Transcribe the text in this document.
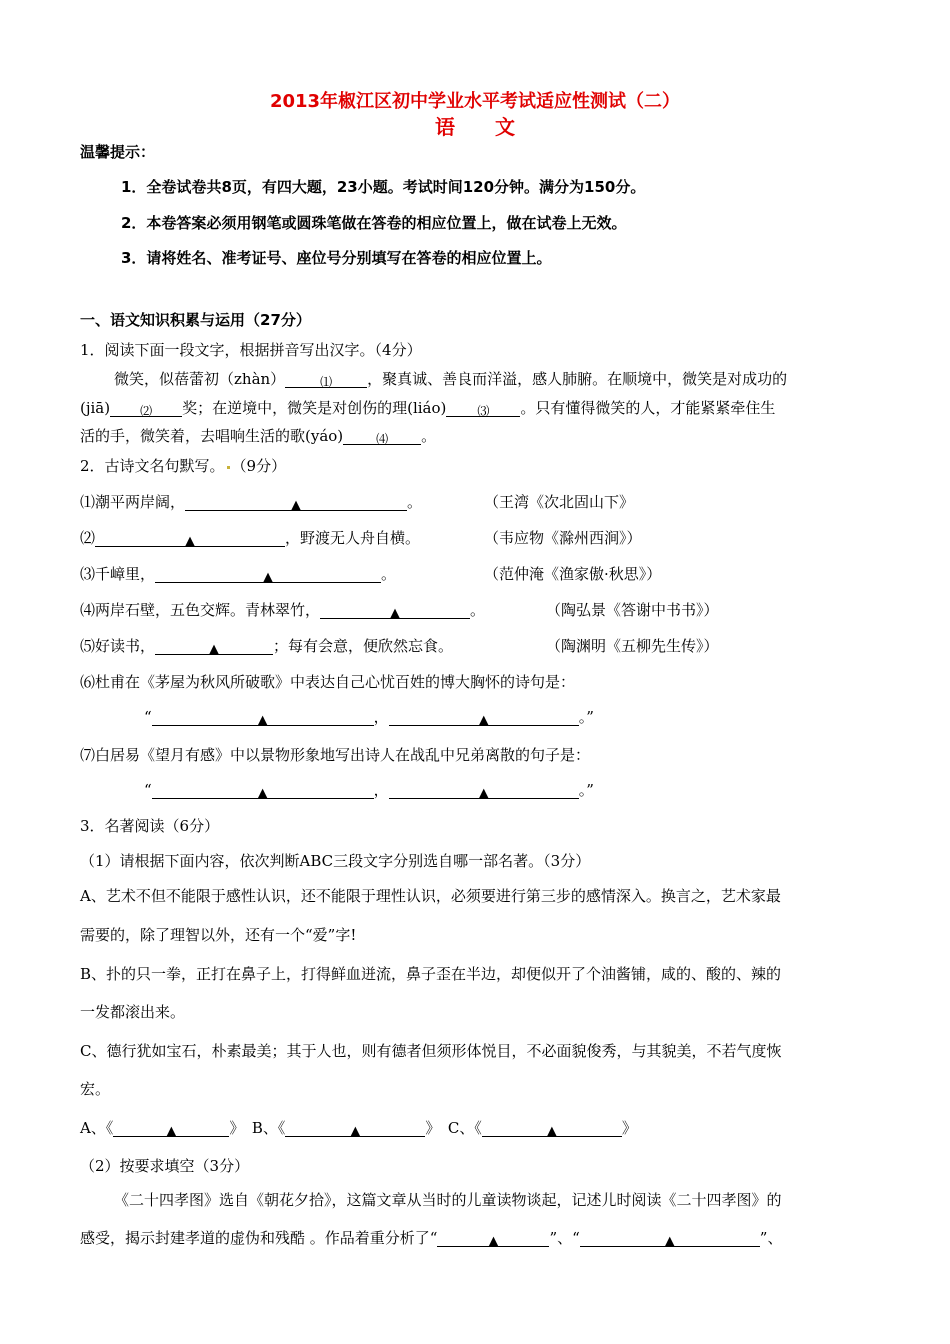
2013年椒江区初中学业水平考试适应性测试（二）
语　　文
温馨提示：
1．全卷试卷共8页，有四大题，23小题。考试时间120分钟。满分为150分。
2．本卷答案必须用钢笔或圆珠笔做在答卷的相应位置上，做在试卷上无效。
3．请将姓名、准考证号、座位号分别填写在答卷的相应位置上。
一、语文知识积累与运用（27分）
1．阅读下面一段文字，根据拼音写出汉字。（4分）
微笑，似蓓蕾初（zhàn）	⑴ ，聚真诚、善良而洋溢，感人肺腑。在顺境中，微笑是对成功的
(jiā) ⑵ 奖；在逆境中，微笑是对创伤的理(liáo)	⑶ 。只有懂得微笑的人，才能紧紧牵住生
活的手，微笑着，去唱响生活的歌(yáo)	⑷ 。
2．古诗文名句默写。 （9分）
⑴潮平两岸阔，	▲	。	（王湾《次北固山下》
⑵	▲	，野渡无人舟自横。	（韦应物《滁州西涧》）
⑶千嶂里，	▲	。	（范仲淹《渔家傲·秋思》）
⑷两岸石壁，五色交辉。青林翠竹，	▲	。	（陶弘景《答谢中书书》）
⑸好读书，	▲	；每有会意，便欣然忘食。	（陶渊明《五柳先生传》）
⑹杜甫在《茅屋为秋风所破歌》中表达自己心忧百姓的博大胸怀的诗句是：
“	▲	，	▲	。”
⑺白居易《望月有感》中以景物形象地写出诗人在战乱中兄弟离散的句子是：
“	▲	，	▲	。”
3．名著阅读（6分）
（1）请根据下面内容，依次判断ABC三段文字分别选自哪一部名著。（3分）
A、艺术不但不能限于感性认识，还不能限于理性认识，必须要进行第三步的感情深入。换言之，艺术家最
需要的，除了理智以外，还有一个“爱”字!
B、扑的只一拳，正打在鼻子上，打得鲜血迸流，鼻子歪在半边，却便似开了个油酱铺，咸的、酸的、辣的
一发都滚出来。
C、德行犹如宝石，朴素最美；其于人也，则有德者但须形体悦目，不必面貌俊秀，与其貌美，不若气度恢
宏。
A、《	▲	》　B、《	▲	》　C、《	▲	》
（2）按要求填空（3分）
《二十四孝图》选自《朝花夕拾》，这篇文章从当时的儿童读物谈起，记述儿时阅读《二十四孝图》的
感受，揭示封建孝道的虚伪和残酷 。作品着重分析了“	▲	”、“	▲	”、
